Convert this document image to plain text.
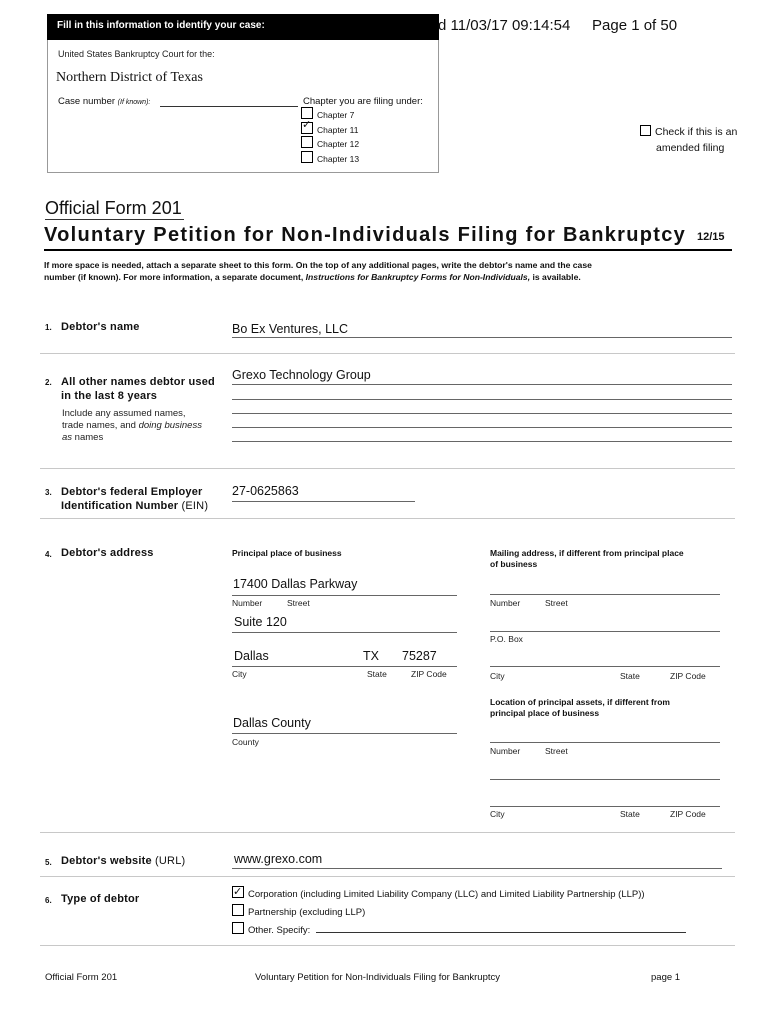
Fill in this information to identify your case:
United States Bankruptcy Court for the:
Northern District of Texas
Case number (If known):	Chapter you are filing under:
Chapter 7
✓Chapter 11
Chapter 12
Chapter 13
d 11/03/17 09:14:54 Page 1 of 50
Check if this is an
amended filing
Official Form 201
Voluntary Petition for Non-Individuals Filing for Bankruptcy 12/15
If more space is needed, attach a separate sheet to this form. On the top of any additional pages, write the debtor's name and the case
number (if known). For more information, a separate document, Instructions for Bankruptcy Forms for Non-Individuals, is available.
1. Debtor's name	Bo Ex Ventures, LLC
2. All other names debtor used
in the last 8 years
Include any assumed names,
trade names, and doing business
as names
Grexo Technology Group
3. Debtor's federal Employer
Identification Number (EIN)
27-0625863
4. Debtor's address	Principal place of business
17400 Dallas Parkway
Number	Street
Suite 120
Dallas	TX 75287
City	State	ZIP Code
Dallas County
County
Mailing address, if different from principal place
of business
Number	Street
P.O. Box
City	State	ZIP Code
Location of principal assets, if different from
principal place of business
Number	Street
City	State	ZIP Code
5. Debtor's website (URL)	www.grexo.com
6. Type of debtor
✓	Corporation (including Limited Liability Company (LLC) and Limited Liability Partnership (LLP))
Partnership (excluding LLP)
Other. Specify:
Official Form 201	Voluntary Petition for Non-Individuals Filing for Bankruptcy	page 1
